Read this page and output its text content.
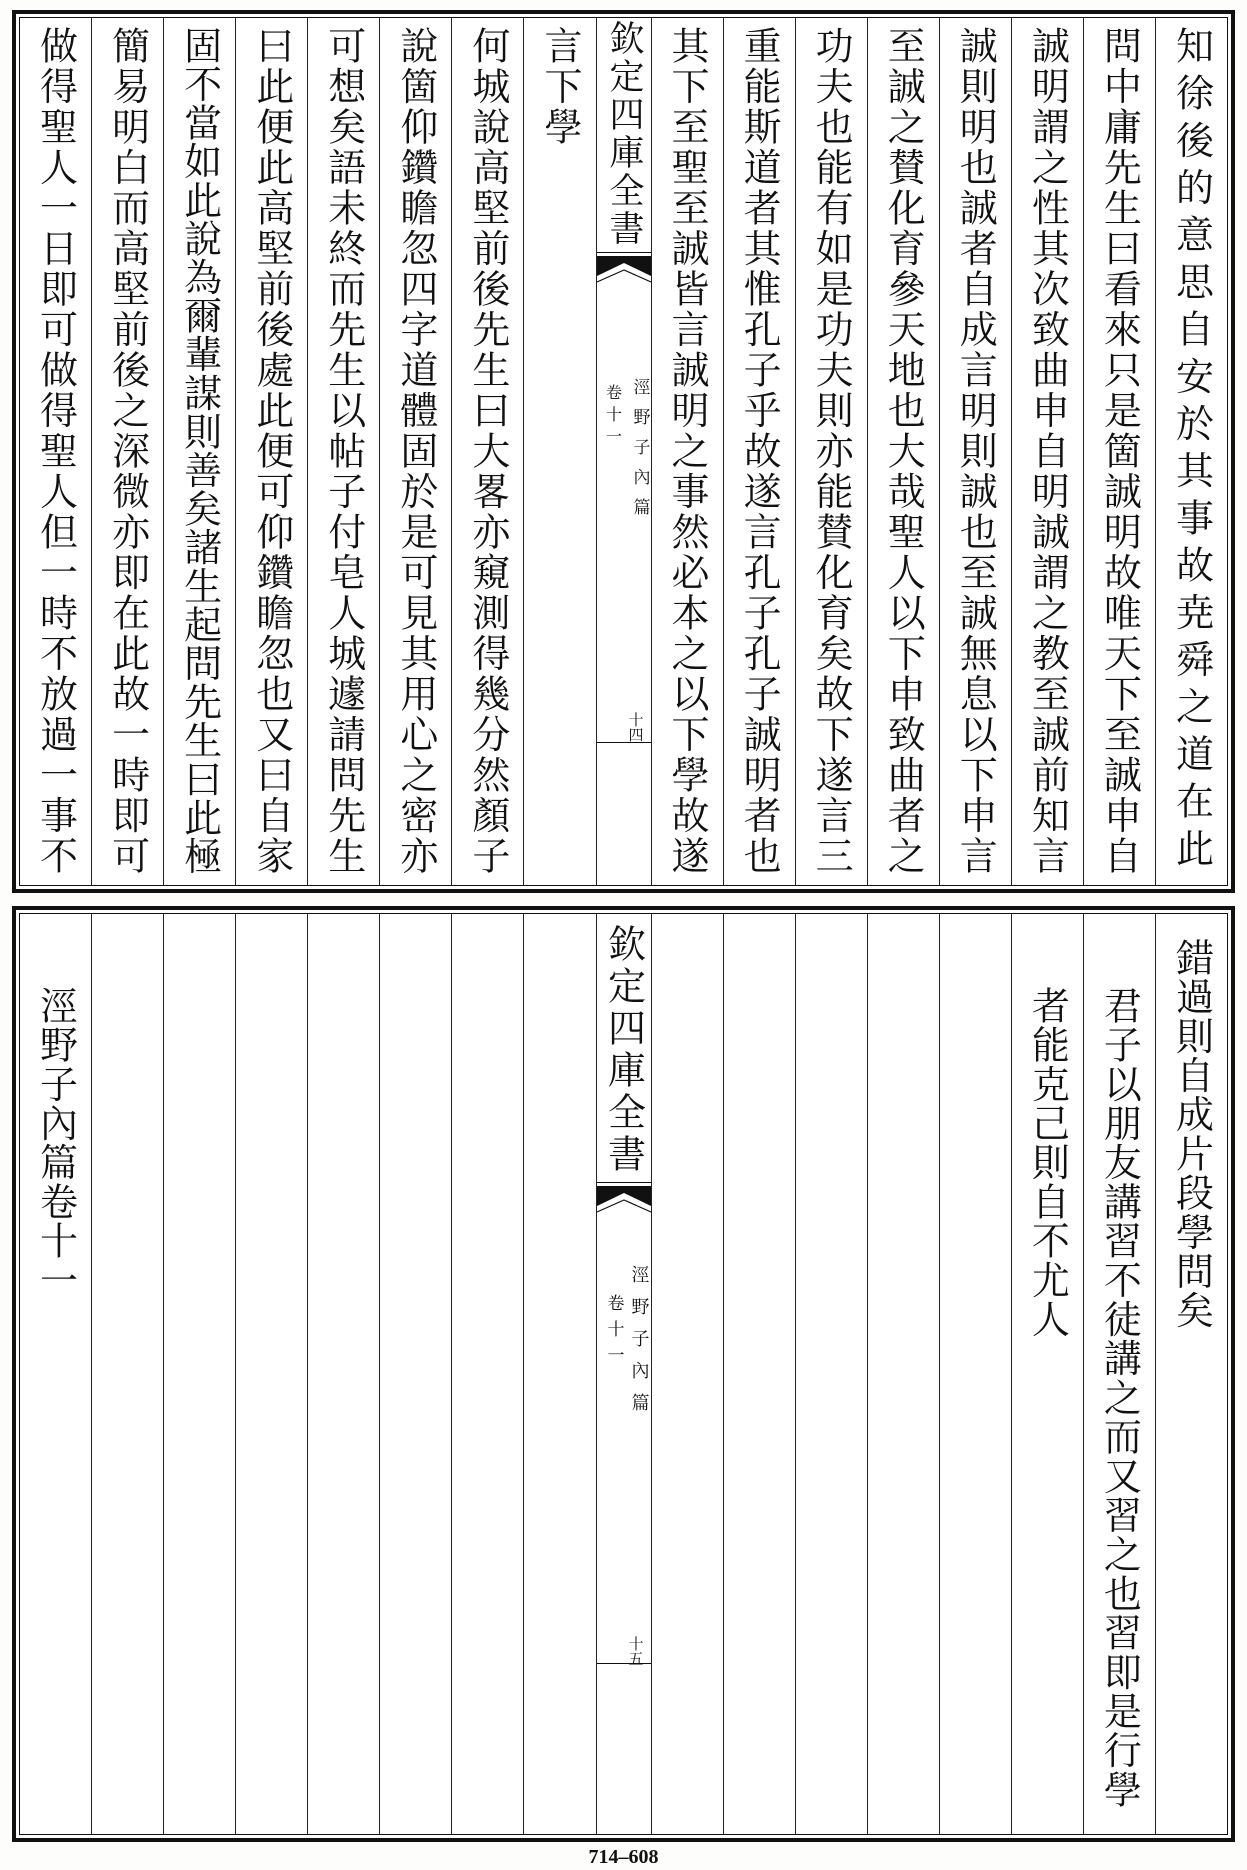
知徐後的意思自安於其事故尭舜之道在此
問中庸先生曰看來只是箇誠明故唯天下至誠申自
誠明謂之性其次致曲申自明誠謂之教至誠前知言
誠則明也誠者自成言明則誠也至誠無息以下申言
至誠之賛化育參天地也大哉聖人以下申致曲者之
功夫也能有如是功夫則亦能賛化育矣故下遂言三
重能斯道者其惟孔子乎故遂言孔子孔子誠明者也
其下至聖至誠皆言誠明之事然必本之以下學故遂
欽定四庫全書
涇野子內篇
卷十一
十四
言下學
何城說高堅前後先生曰大畧亦窺測得幾分然顏子
說箇仰鑽瞻忽四字道體固於是可見其用心之密亦
可想矣語未終而先生以帖子付皂人城遽請問先生
曰此便此高堅前後處此便可仰鑽瞻忽也又曰自家
固不當如此說為爾輩謀則善矣諸生起問先生曰此極
簡易明白而高堅前後之深微亦即在此故一時即可
做得聖人一日即可做得聖人但一時不放過一事不
錯過則自成片段學問矣
君子以朋友講習不徒講之而又習之也習即是行學
者能克己則自不尤人
欽定四庫全書
涇野子內篇
卷十一
十五
涇野子內篇卷十一
714–608
